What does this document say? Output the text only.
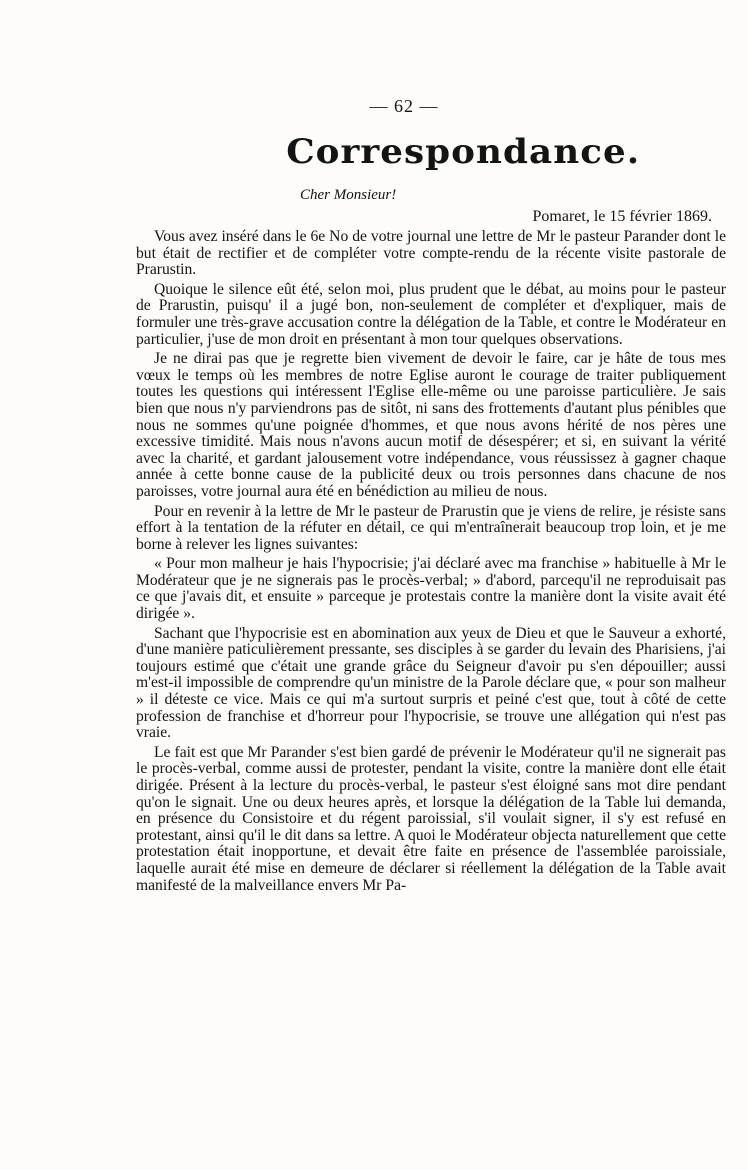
— 62 —
Correspondance.
Cher Monsieur!
Pomaret, le 15 février 1869.

Vous avez inséré dans le 6e No de votre journal une lettre de Mr le pasteur Parander dont le but était de rectifier et de compléter votre compte-rendu de la récente visite pastorale de Prarustin.

Quoique le silence eût été, selon moi, plus prudent que le débat, au moins pour le pasteur de Prarustin, puisqu' il a jugé bon, non-seulement de compléter et d'expliquer, mais de formuler une très-grave accusation contre la délégation de la Table, et contre le Modérateur en particulier, j'use de mon droit en présentant à mon tour quelques observations.

Je ne dirai pas que je regrette bien vivement de devoir le faire, car je hâte de tous mes vœux le temps où les membres de notre Eglise auront le courage de traiter publiquement toutes les questions qui intéressent l'Eglise elle-même ou une paroisse particulière. Je sais bien que nous n'y parviendrons pas de sitôt, ni sans des frottements d'autant plus pénibles que nous ne sommes qu'une poignée d'hommes, et que nous avons hérité de nos pères une excessive timidité. Mais nous n'avons aucun motif de désespérer; et si, en suivant la vérité avec la charité, et gardant jalousement votre indépendance, vous réussissez à gagner chaque année à cette bonne cause de la publicité deux ou trois personnes dans chacune de nos paroisses, votre journal aura été en bénédiction au milieu de nous.

Pour en revenir à la lettre de Mr le pasteur de Prarustin que je viens de relire, je résiste sans effort à la tentation de la réfuter en détail, ce qui m'entraînerait beaucoup trop loin, et je me borne à relever les lignes suivantes:

« Pour mon malheur je hais l'hypocrisie; j'ai déclaré avec ma franchise » habituelle à Mr le Modérateur que je ne signerais pas le procès-verbal; » d'abord, parcequ'il ne reproduisait pas ce que j'avais dit, et ensuite » parceque je protestais contre la manière dont la visite avait été dirigée ».

Sachant que l'hypocrisie est en abomination aux yeux de Dieu et que le Sauveur a exhorté, d'une manière paticulièrement pressante, ses disciples à se garder du levain des Pharisiens, j'ai toujours estimé que c'était une grande grâce du Seigneur d'avoir pu s'en dépouiller; aussi m'est-il impossible de comprendre qu'un ministre de la Parole déclare que, « pour son malheur » il déteste ce vice. Mais ce qui m'a surtout surpris et peiné c'est que, tout à côté de cette profession de franchise et d'horreur pour l'hypocrisie, se trouve une allégation qui n'est pas vraie.

Le fait est que Mr Parander s'est bien gardé de prévenir le Modérateur qu'il ne signerait pas le procès-verbal, comme aussi de protester, pendant la visite, contre la manière dont elle était dirigée. Présent à la lecture du procès-verbal, le pasteur s'est éloigné sans mot dire pendant qu'on le signait. Une ou deux heures après, et lorsque la délégation de la Table lui demanda, en présence du Consistoire et du régent paroissial, s'il voulait signer, il s'y est refusé en protestant, ainsi qu'il le dit dans sa lettre. A quoi le Modérateur objecta naturellement que cette protestation était inopportune, et devait être faite en présence de l'assemblée paroissiale, laquelle aurait été mise en demeure de déclarer si réellement la délégation de la Table avait manifesté de la malveillance envers Mr Pa-
